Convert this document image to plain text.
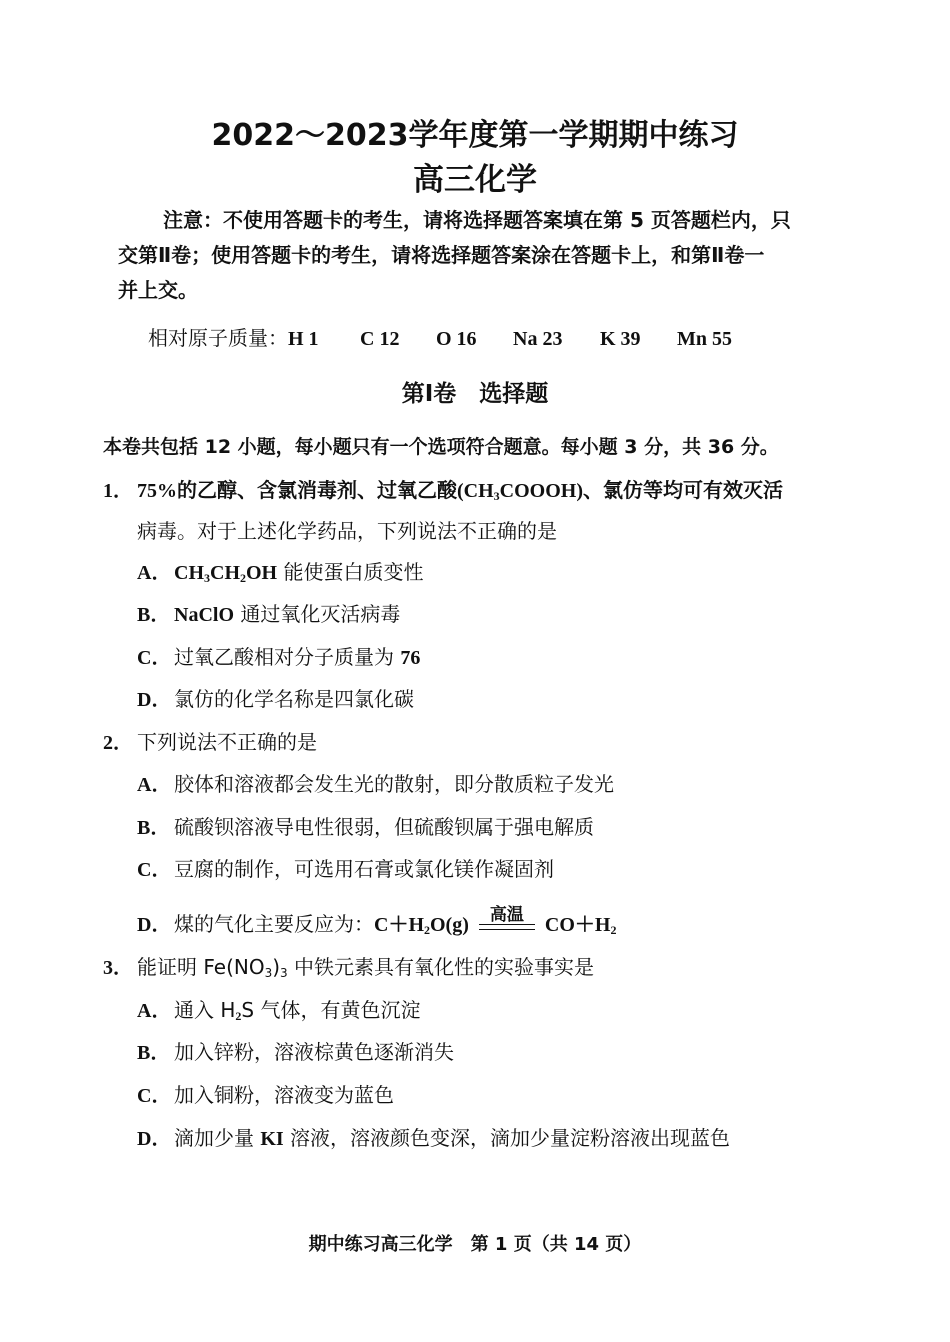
2022～2023学年度第一学期期中练习
高三化学
注意：不使用答题卡的考生，请将选择题答案填在第 5 页答题栏内，只
交第Ⅱ卷；使用答题卡的考生，请将选择题答案涂在答题卡上，和第Ⅱ卷一
并上交。
相对原子质量：H 1 C 12 O 16 Na 23 K 39 Mn 55
第Ⅰ卷　选择题
本卷共包括 12 小题，每小题只有一个选项符合题意。每小题 3 分，共 36 分。
1． 75%的乙醇、含氯消毒剂、过氧乙酸$(CH_3COOOH)$、氯仿等均可有效灭活
病毒。对于上述化学药品，下列说法不正确的是
A． $CH_3CH_2OH$ 能使蛋白质变性
B． NaClO 通过氧化灭活病毒
C． 过氧乙酸相对分子质量为 76
D． 氯仿的化学名称是四氯化碳
2． 下列说法不正确的是
A． 胶体和溶液都会发生光的散射，即分散质粒子发光
B． 硫酸钡溶液导电性很弱，但硫酸钡属于强电解质
C． 豆腐的制作，可选用石膏或氯化镁作凝固剂
D． 煤的气化主要反应为：$C+H_2O(g)$	高温	$CO+H_2$
3． 能证明 $Fe(NO_3)_3$ 中铁元素具有氧化性的实验事实是
A． 通入 $H_2S$ 气体，有黄色沉淀
B． 加入锌粉，溶液棕黄色逐渐消失
C． 加入铜粉，溶液变为蓝色
D． 滴加少量 KI 溶液，溶液颜色变深，滴加少量淀粉溶液出现蓝色
期中练习高三化学　第 1 页（共 14 页）
